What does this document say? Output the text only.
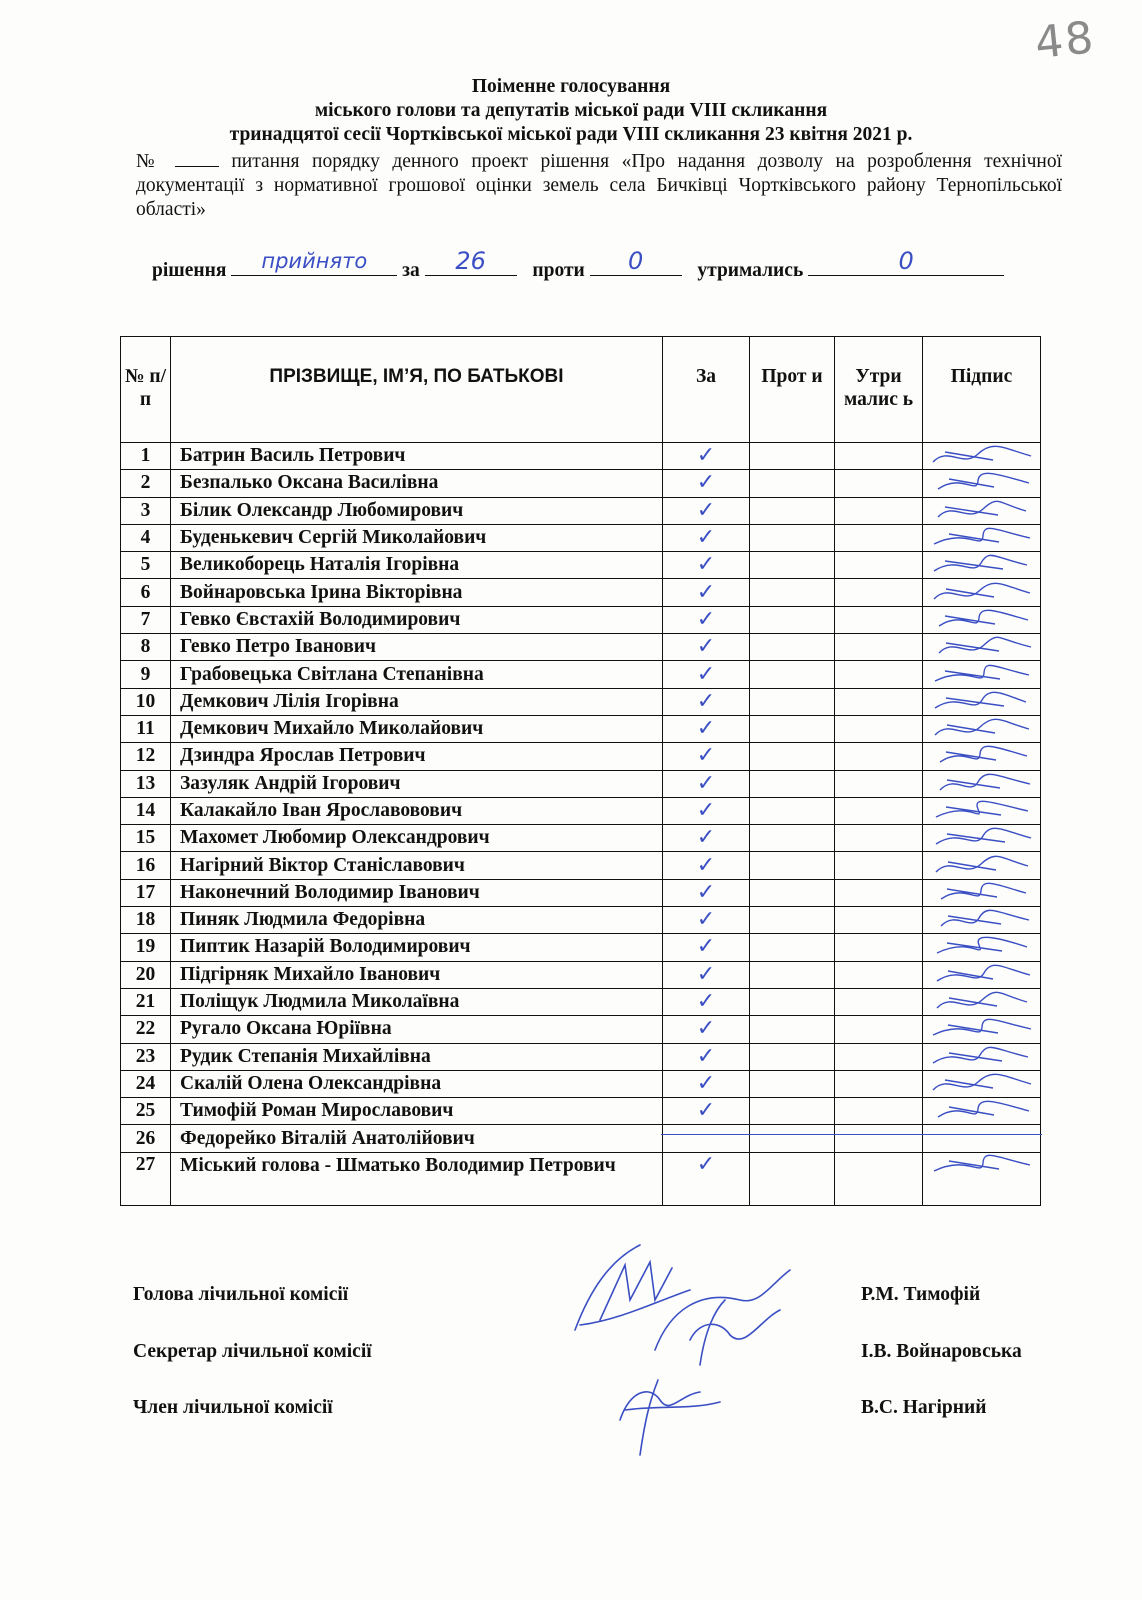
48
Поіменне голосування
міського голови та депутатів міської ради VIII скликання
тринадцятої сесії Чортківської міської ради VIII скликання 23 квітня 2021 р.
№	питання порядку денного проект рішення «Про надання дозволу на розроблення технічної документації з нормативної грошової оцінки земель села Бичківці Чортківського району Тернопільської області»
рішення	прийнято	за	26	проти	0	утримались	0
№ п/п	ПРІЗВИЩЕ, ІМ’Я, ПО БАТЬКОВІ	За	Прот и	Утри малис ь	Підпис
1	Батрин Василь Петрович	✓

2	Безпалько Оксана Василівна	✓

3	Білик Олександр Любомирович	✓

4	Буденькевич Сергій Миколайович	✓

5	Великоборець Наталія Ігорівна	✓

6	Войнаровська Ірина Вікторівна	✓

7	Гевко Євстахій Володимирович	✓

8	Гевко Петро Іванович	✓

9	Грабовецька Світлана Степанівна	✓

10	Демкович Лілія Ігорівна	✓

11	Демкович Михайло Миколайович	✓

12	Дзиндра Ярослав Петрович	✓

13	Зазуляк Андрій Ігорович	✓

14	Калакайло Іван Ярославовович	✓

15	Махомет Любомир Олександрович	✓

16	Нагірний Віктор Станіславович	✓

17	Наконечний Володимир Іванович	✓

18	Пиняк Людмила Федорівна	✓

19	Пиптик Назарій Володимирович	✓

20	Підгірняк Михайло Іванович	✓

21	Поліщук Людмила Миколаївна	✓

22	Ругало Оксана Юріївна	✓

23	Рудик Степанія Михайлівна	✓

24	Скалій Олена Олександрівна	✓

25	Тимофій Роман Мирославович	✓

26	Федорейко Віталій Анатолійович	

27	Міський голова - Шматько Володимир Петрович	✓

Голова лічильної комісії	Р.М. Тимофій
Секретар лічильної комісії	І.В. Войнаровська
Член лічильної комісії	В.С. Нагірний
